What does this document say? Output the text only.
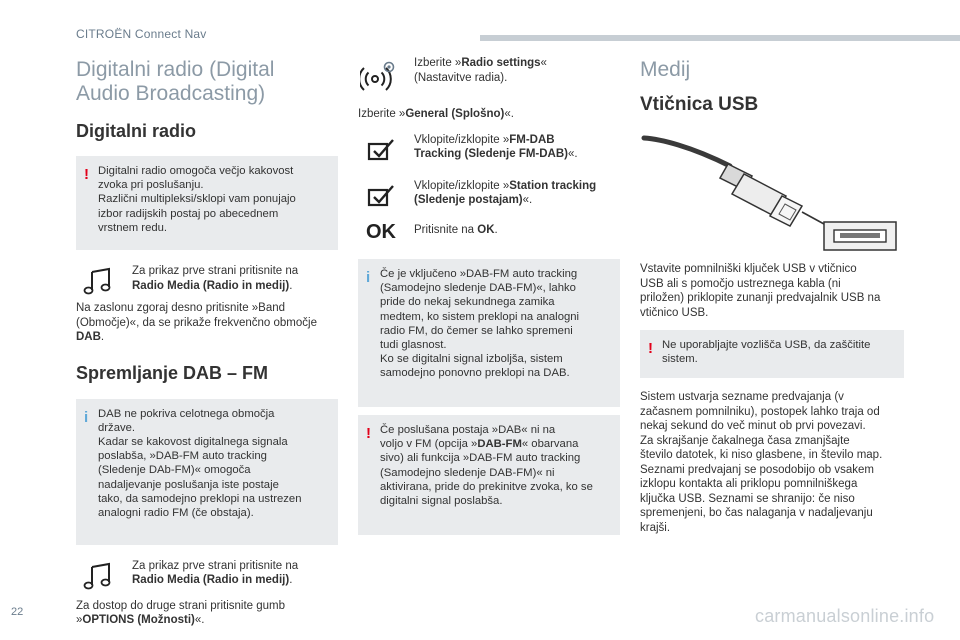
CITROËN Connect Nav
Digitalni radio (Digital
Audio Broadcasting)
Digitalni radio
! Digitalni radio omogoča večjo kakovost
zvoka pri poslušanju.
Različni multipleksi/sklopi vam ponujajo
izbor radijskih postaj po abecednem
vrstnem redu.
Za prikaz prve strani pritisnite na
Radio Media (Radio in medij).
Na zaslonu zgoraj desno pritisnite »Band
(Območje)«, da se prikaže frekvenčno območje
DAB.
Spremljanje DAB – FM
i DAB ne pokriva celotnega območja
države.
Kadar se kakovost digitalnega signala
poslabša, »DAB-FM auto tracking
(Sledenje DAb-FM)« omogoča
nadaljevanje poslušanja iste postaje
tako, da samodejno preklopi na ustrezen
analogni radio FM (če obstaja).
Za prikaz prve strani pritisnite na
Radio Media (Radio in medij).
Za dostop do druge strani pritisnite gumb
»OPTIONS (Možnosti)«.
Izberite »Radio settings«
(Nastavitve radia).
Izberite »General (Splošno)«.
Vklopite/izklopite »FM-DAB
Tracking (Sledenje FM-DAB)«.
Vklopite/izklopite »Station tracking
(Sledenje postajam)«.
OK	Pritisnite na OK.
i Če je vključeno »DAB-FM auto tracking
(Samodejno sledenje DAB-FM)«, lahko
pride do nekaj sekundnega zamika
medtem, ko sistem preklopi na analogni
radio FM, do čemer se lahko spremeni
tudi glasnost.
Ko se digitalni signal izboljša, sistem
samodejno ponovno preklopi na DAB.
! Če poslušana postaja »DAB« ni na
voljo v FM (opcija »DAB-FM« obarvana
sivo) ali funkcija »DAB-FM auto tracking
(Samodejno sledenje DAB-FM)« ni
aktivirana, pride do prekinitve zvoka, ko se
digitalni signal poslabša.
Medij
Vtičnica USB
Vstavite pomnilniški ključek USB v vtičnico
USB ali s pomočjo ustreznega kabla (ni
priložen) priklopite zunanji predvajalnik USB na
vtičnico USB.
! Ne uporabljajte vozlišča USB, da zaščitite
sistem.
Sistem ustvarja sezname predvajanja (v
začasnem pomnilniku), postopek lahko traja od
nekaj sekund do več minut ob prvi povezavi.
Za skrajšanje čakalnega časa zmanjšajte
število datotek, ki niso glasbene, in število map.
Seznami predvajanj se posodobijo ob vsakem
izklopu kontakta ali priklopu pomnilniškega
ključka USB. Seznami se shranijo: če niso
spremenjeni, bo čas nalaganja v nadaljevanju
krajši.
22	carmanualsonline.info
